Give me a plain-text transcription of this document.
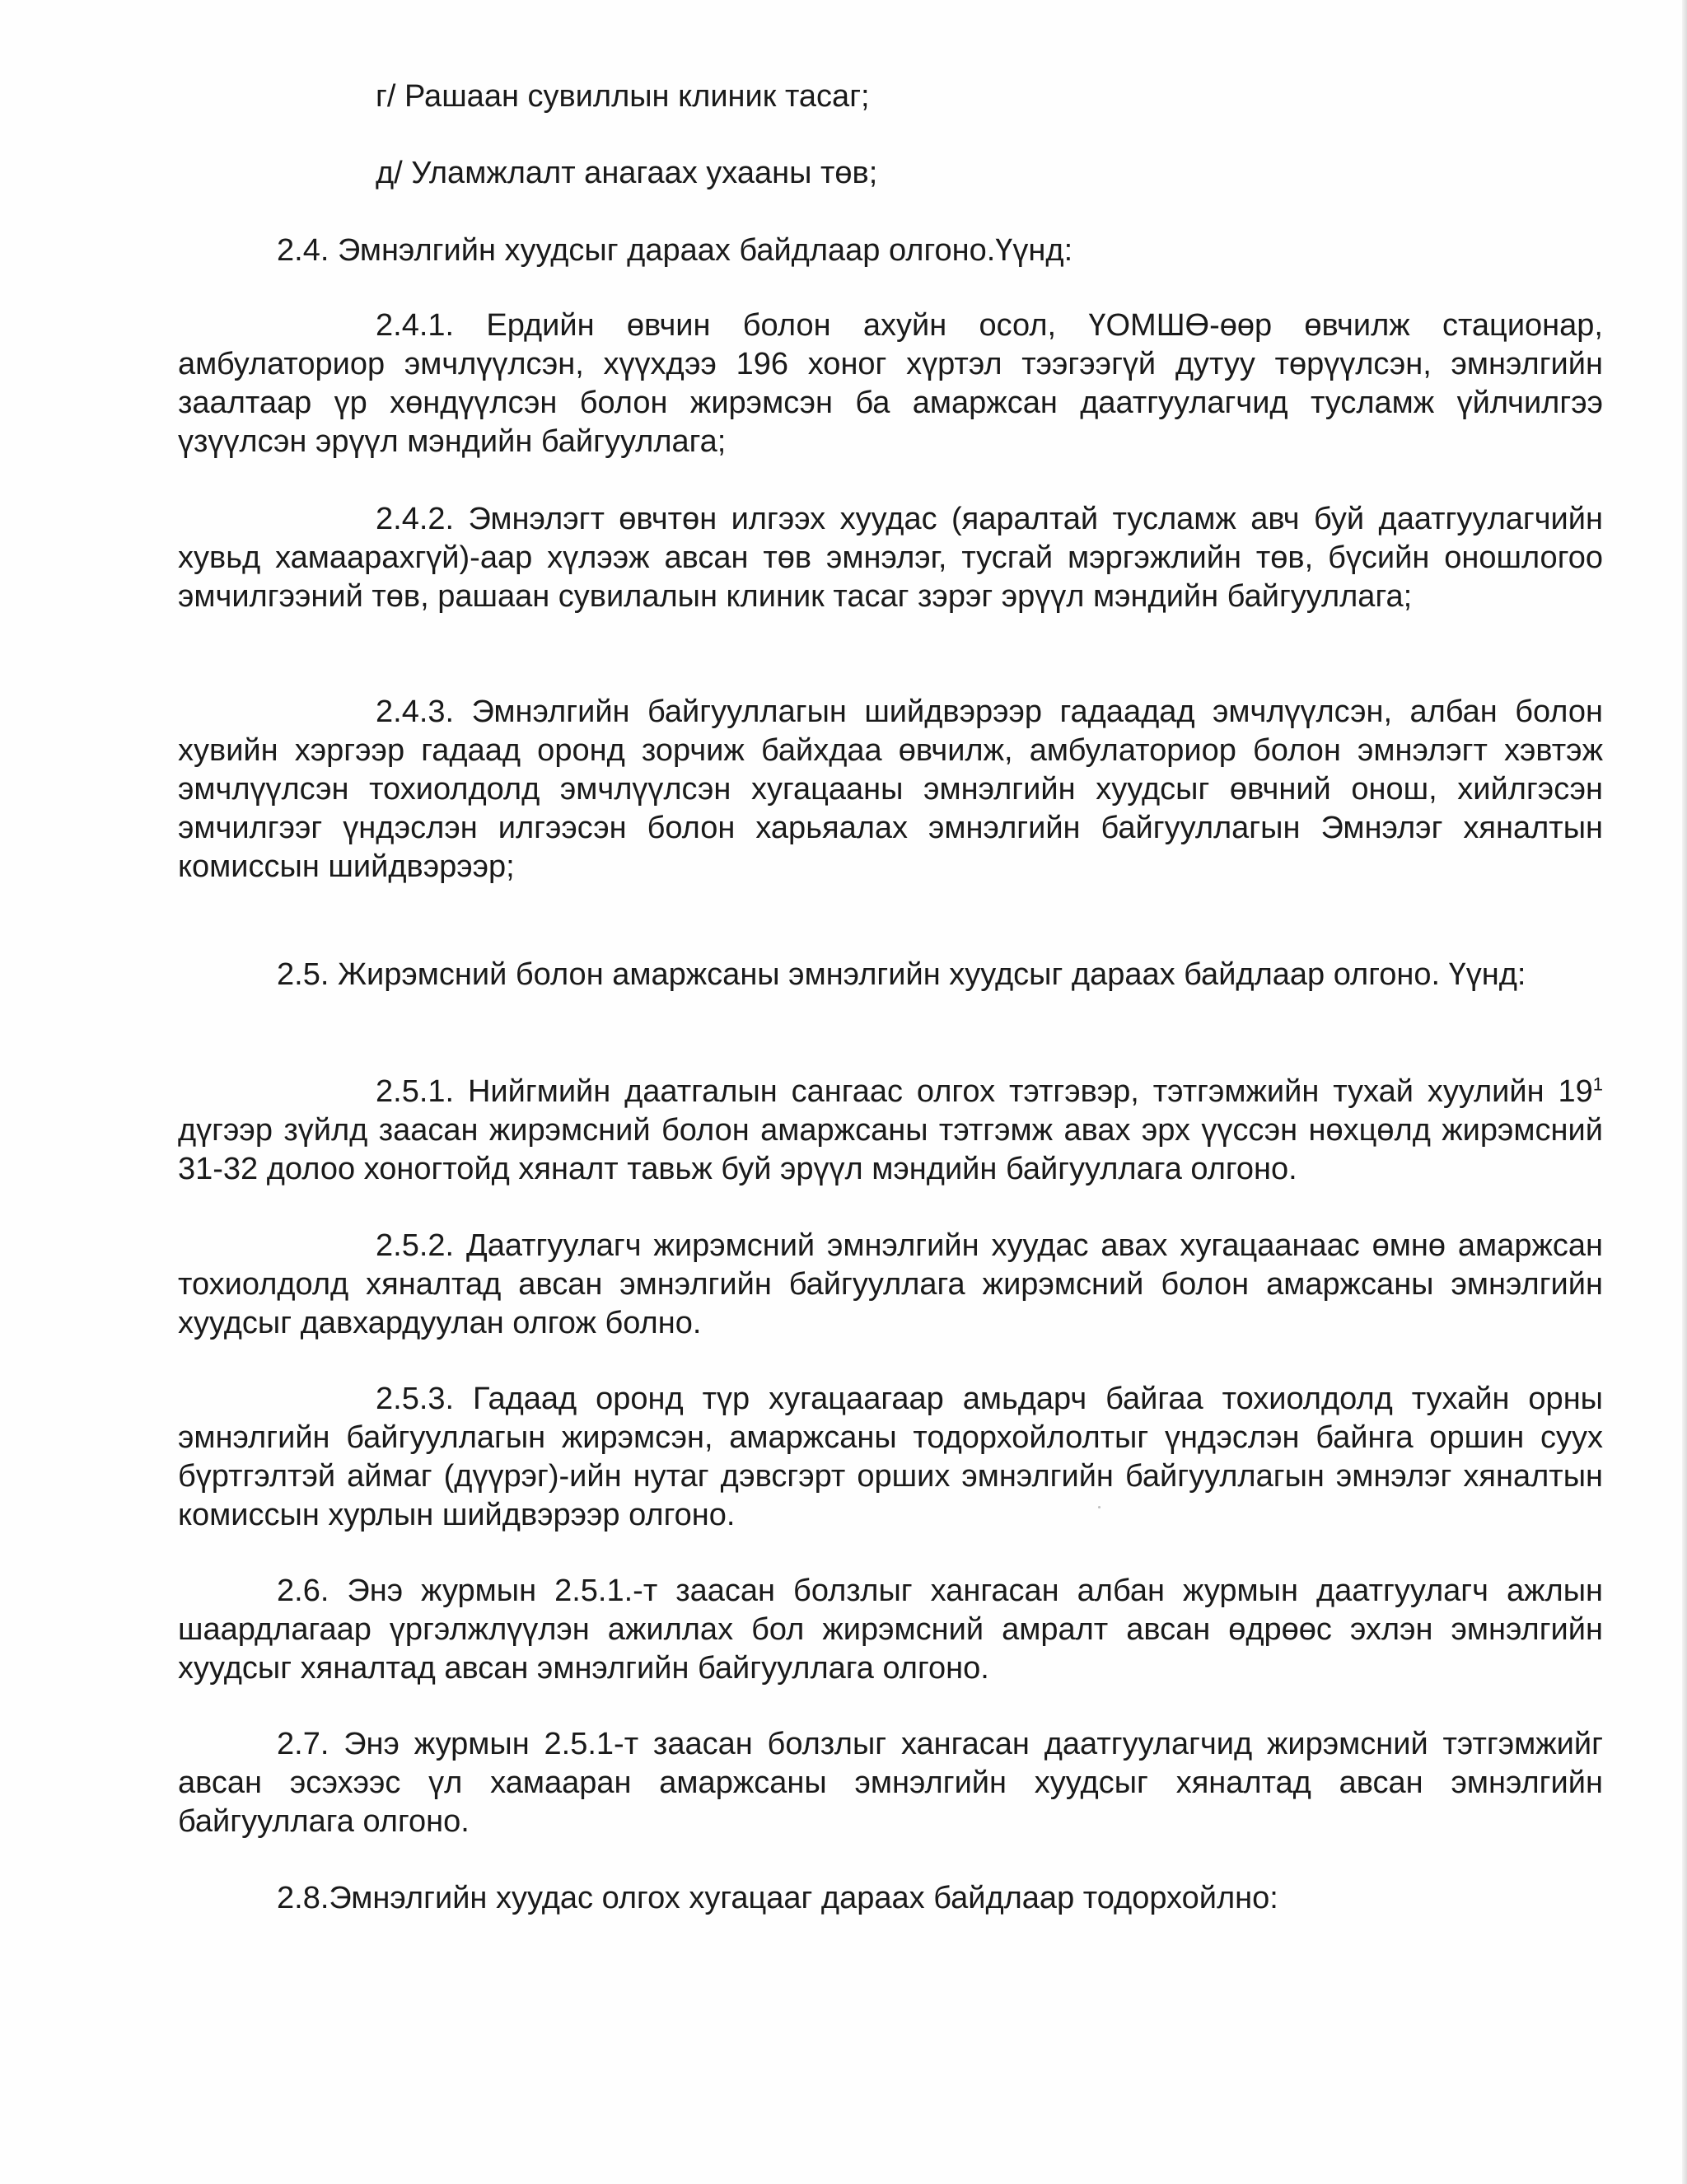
г/ Рашаан сувиллын клиник тасаг;

д/ Уламжлалт анагаах ухааны төв;

2.4. Эмнэлгийн хуудсыг дараах байдлаар олгоно.Үүнд:

2.4.1. Ердийн өвчин болон ахуйн осол, ҮОМШӨ-өөр өвчилж стационар, амбулаториор эмчлүүлсэн, хүүхдээ 196 хоног хүртэл тээгээгүй дутуу төрүүлсэн, эмнэлгийн заалтаар үр хөндүүлсэн болон жирэмсэн ба амаржсан даатгуулагчид тусламж үйлчилгээ үзүүлсэн эрүүл мэндийн байгууллага;

2.4.2. Эмнэлэгт өвчтөн илгээх хуудас (яаралтай тусламж авч буй даатгуулагчийн хувьд хамаарахгүй)-аар хүлээж авсан төв эмнэлэг, тусгай мэргэжлийн төв, бүсийн оношлогоо эмчилгээний төв, рашаан сувилалын клиник тасаг зэрэг эрүүл мэндийн байгууллага;

2.4.3. Эмнэлгийн байгууллагын шийдвэрээр гадаадад эмчлүүлсэн, албан болон хувийн хэргээр гадаад оронд зорчиж байхдаа өвчилж, амбулаториор болон эмнэлэгт хэвтэж эмчлүүлсэн тохиолдолд эмчлүүлсэн хугацааны эмнэлгийн хуудсыг өвчний онош, хийлгэсэн эмчилгээг үндэслэн илгээсэн болон харьяалах эмнэлгийн байгууллагын Эмнэлэг хяналтын комиссын шийдвэрээр;

2.5. Жирэмсний болон амаржсаны эмнэлгийн хуудсыг дараах байдлаар олгоно. Үүнд:

2.5.1. Нийгмийн даатгалын сангаас олгох тэтгэвэр, тэтгэмжийн тухай хуулийн $19^1$ дүгээр зүйлд заасан жирэмсний болон амаржсаны тэтгэмж авах эрх үүссэн нөхцөлд жирэмсний 31-32 долоо хоногтойд хяналт тавьж буй эрүүл мэндийн байгууллага олгоно.

2.5.2. Даатгуулагч жирэмсний эмнэлгийн хуудас авах хугацаанаас өмнө амаржсан тохиолдолд хяналтад авсан эмнэлгийн байгууллага жирэмсний болон амаржсаны эмнэлгийн хуудсыг давхардуулан олгож болно.

2.5.3. Гадаад оронд түр хугацаагаар амьдарч байгаа тохиолдолд тухайн орны эмнэлгийн байгууллагын жирэмсэн, амаржсаны тодорхойлолтыг үндэслэн байнга оршин суух бүртгэлтэй аймаг (дүүрэг)-ийн нутаг дэвсгэрт орших эмнэлгийн байгууллагын эмнэлэг хяналтын комиссын хурлын шийдвэрээр олгоно.

2.6. Энэ журмын 2.5.1.-т заасан болзлыг хангасан албан журмын даатгуулагч ажлын шаардлагаар үргэлжлүүлэн ажиллах бол жирэмсний амралт авсан өдрөөс эхлэн эмнэлгийн хуудсыг хяналтад авсан эмнэлгийн байгууллага олгоно.

2.7. Энэ журмын 2.5.1-т заасан болзлыг хангасан даатгуулагчид жирэмсний тэтгэмжийг авсан эсэхээс үл хамааран амаржсаны эмнэлгийн хуудсыг хяналтад авсан эмнэлгийн байгууллага олгоно.

2.8.Эмнэлгийн хуудас олгох хугацааг дараах байдлаар тодорхойлно:
